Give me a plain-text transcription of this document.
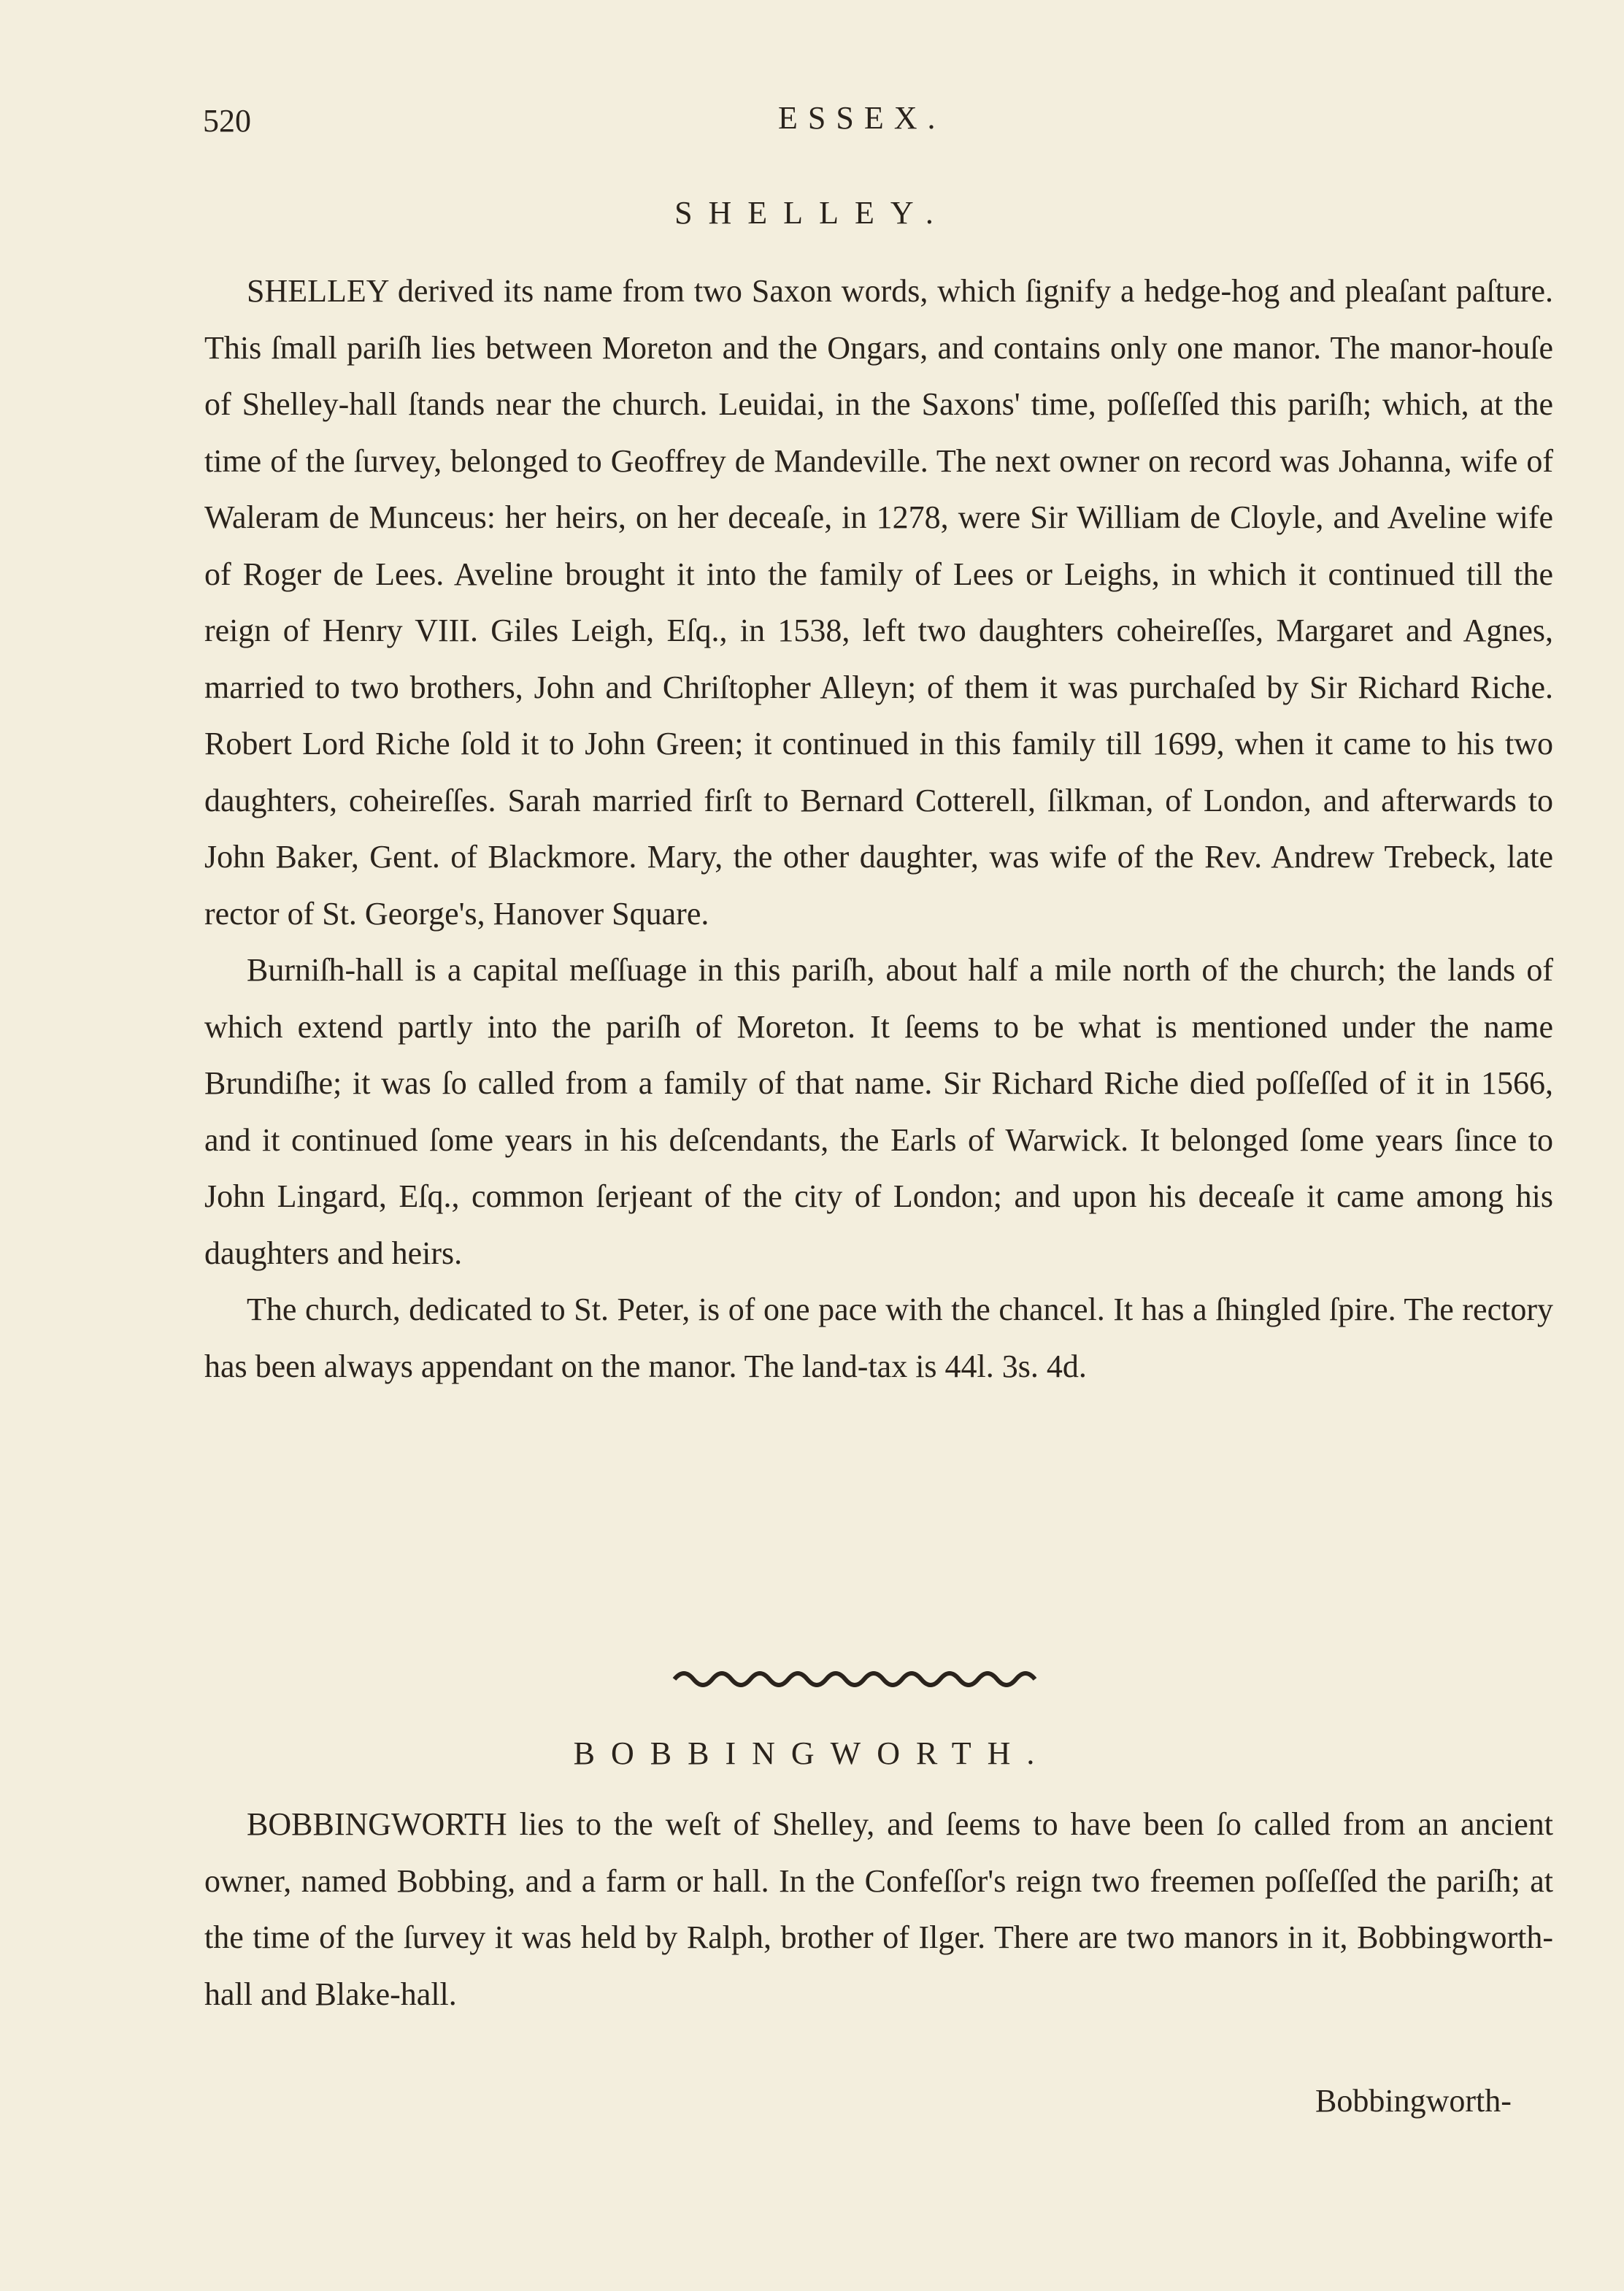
520	ESSEX.
SHELLEY.

SHELLEY derived its name from two Saxon words, which ſignify a hedge-hog and pleaſant paſture. This ſmall pariſh lies between Moreton and the Ongars, and contains only one manor. The manor-houſe of Shelley-hall ſtands near the church. Leuidai, in the Saxons' time, poſſeſſed this pariſh; which, at the time of the ſurvey, belonged to Geoffrey de Mandeville. The next owner on record was Johanna, wife of Waleram de Munceus: her heirs, on her deceaſe, in 1278, were Sir William de Cloyle, and Aveline wife of Roger de Lees. Aveline brought it into the family of Lees or Leighs, in which it continued till the reign of Henry VIII. Giles Leigh, Eſq., in 1538, left two daughters coheireſſes, Margaret and Agnes, married to two brothers, John and Chriſtopher Alleyn; of them it was purchaſed by Sir Richard Riche. Robert Lord Riche ſold it to John Green; it continued in this family till 1699, when it came to his two daughters, coheireſſes. Sarah married firſt to Bernard Cotterell, ſilkman, of London, and afterwards to John Baker, Gent. of Blackmore. Mary, the other daughter, was wife of the Rev. Andrew Trebeck, late rector of St. George's, Hanover Square.

Burniſh-hall is a capital meſſuage in this pariſh, about half a mile north of the church; the lands of which extend partly into the pariſh of Moreton. It ſeems to be what is mentioned under the name Brundiſhe; it was ſo called from a family of that name. Sir Richard Riche died poſſeſſed of it in 1566, and it continued ſome years in his deſcendants, the Earls of Warwick. It belonged ſome years ſince to John Lingard, Eſq., common ſerjeant of the city of London; and upon his deceaſe it came among his daughters and heirs.

The church, dedicated to St. Peter, is of one pace with the chancel. It has a ſhingled ſpire. The rectory has been always appendant on the manor. The land-tax is 44l. 3s. 4d.

BOBBINGWORTH.

BOBBINGWORTH lies to the weſt of Shelley, and ſeems to have been ſo called from an ancient owner, named Bobbing, and a farm or hall. In the Confeſſor's reign two freemen poſſeſſed the pariſh; at the time of the ſurvey it was held by Ralph, brother of Ilger. There are two manors in it, Bobbingworth-hall and Blake-hall.

Bobbingworth-
